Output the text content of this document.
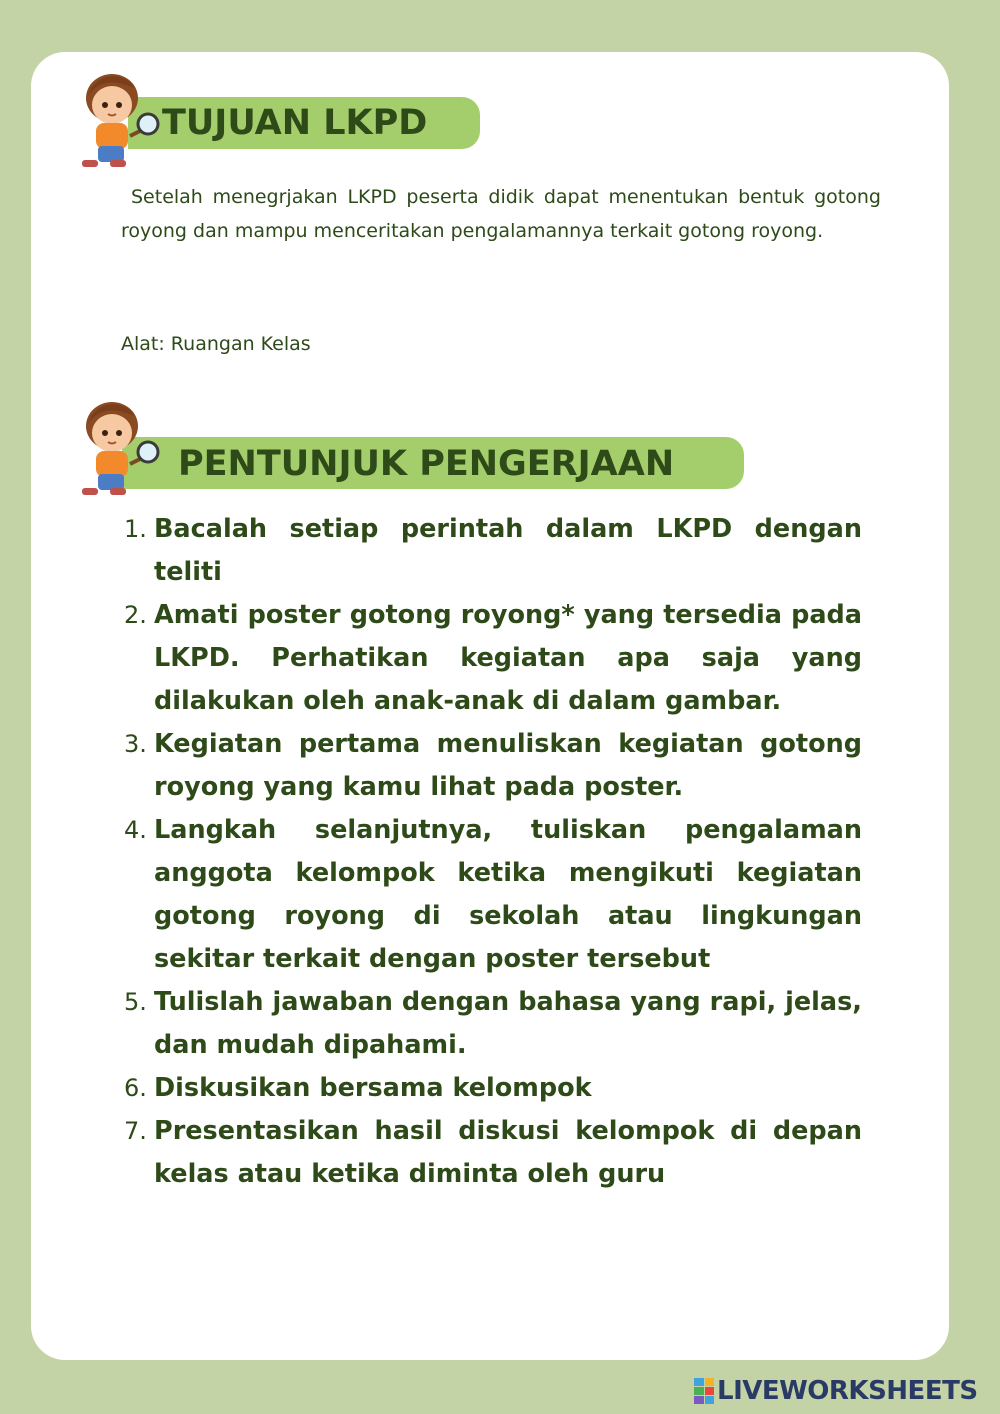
TUJUAN LKPD

Setelah menegrjakan LKPD peserta didik dapat menentukan bentuk gotong royong dan mampu menceritakan pengalamannya terkait gotong royong.

Alat: Ruangan Kelas

PENTUNJUK PENGERJAAN
1. Bacalah setiap perintah dalam LKPD dengan teliti
2. Amati poster gotong royong* yang tersedia pada LKPD. Perhatikan kegiatan apa saja yang dilakukan oleh anak-anak di dalam gambar.
3. Kegiatan pertama menuliskan kegiatan gotong royong yang kamu lihat pada poster.
4. Langkah selanjutnya, tuliskan pengalaman anggota kelompok ketika mengikuti kegiatan gotong royong di sekolah atau lingkungan sekitar terkait dengan poster tersebut
5. Tulislah jawaban dengan bahasa yang rapi, jelas, dan mudah dipahami.
6. Diskusikan bersama kelompok
7. Presentasikan hasil diskusi kelompok di depan kelas atau ketika diminta oleh guru
LIVEWORKSHEETS
